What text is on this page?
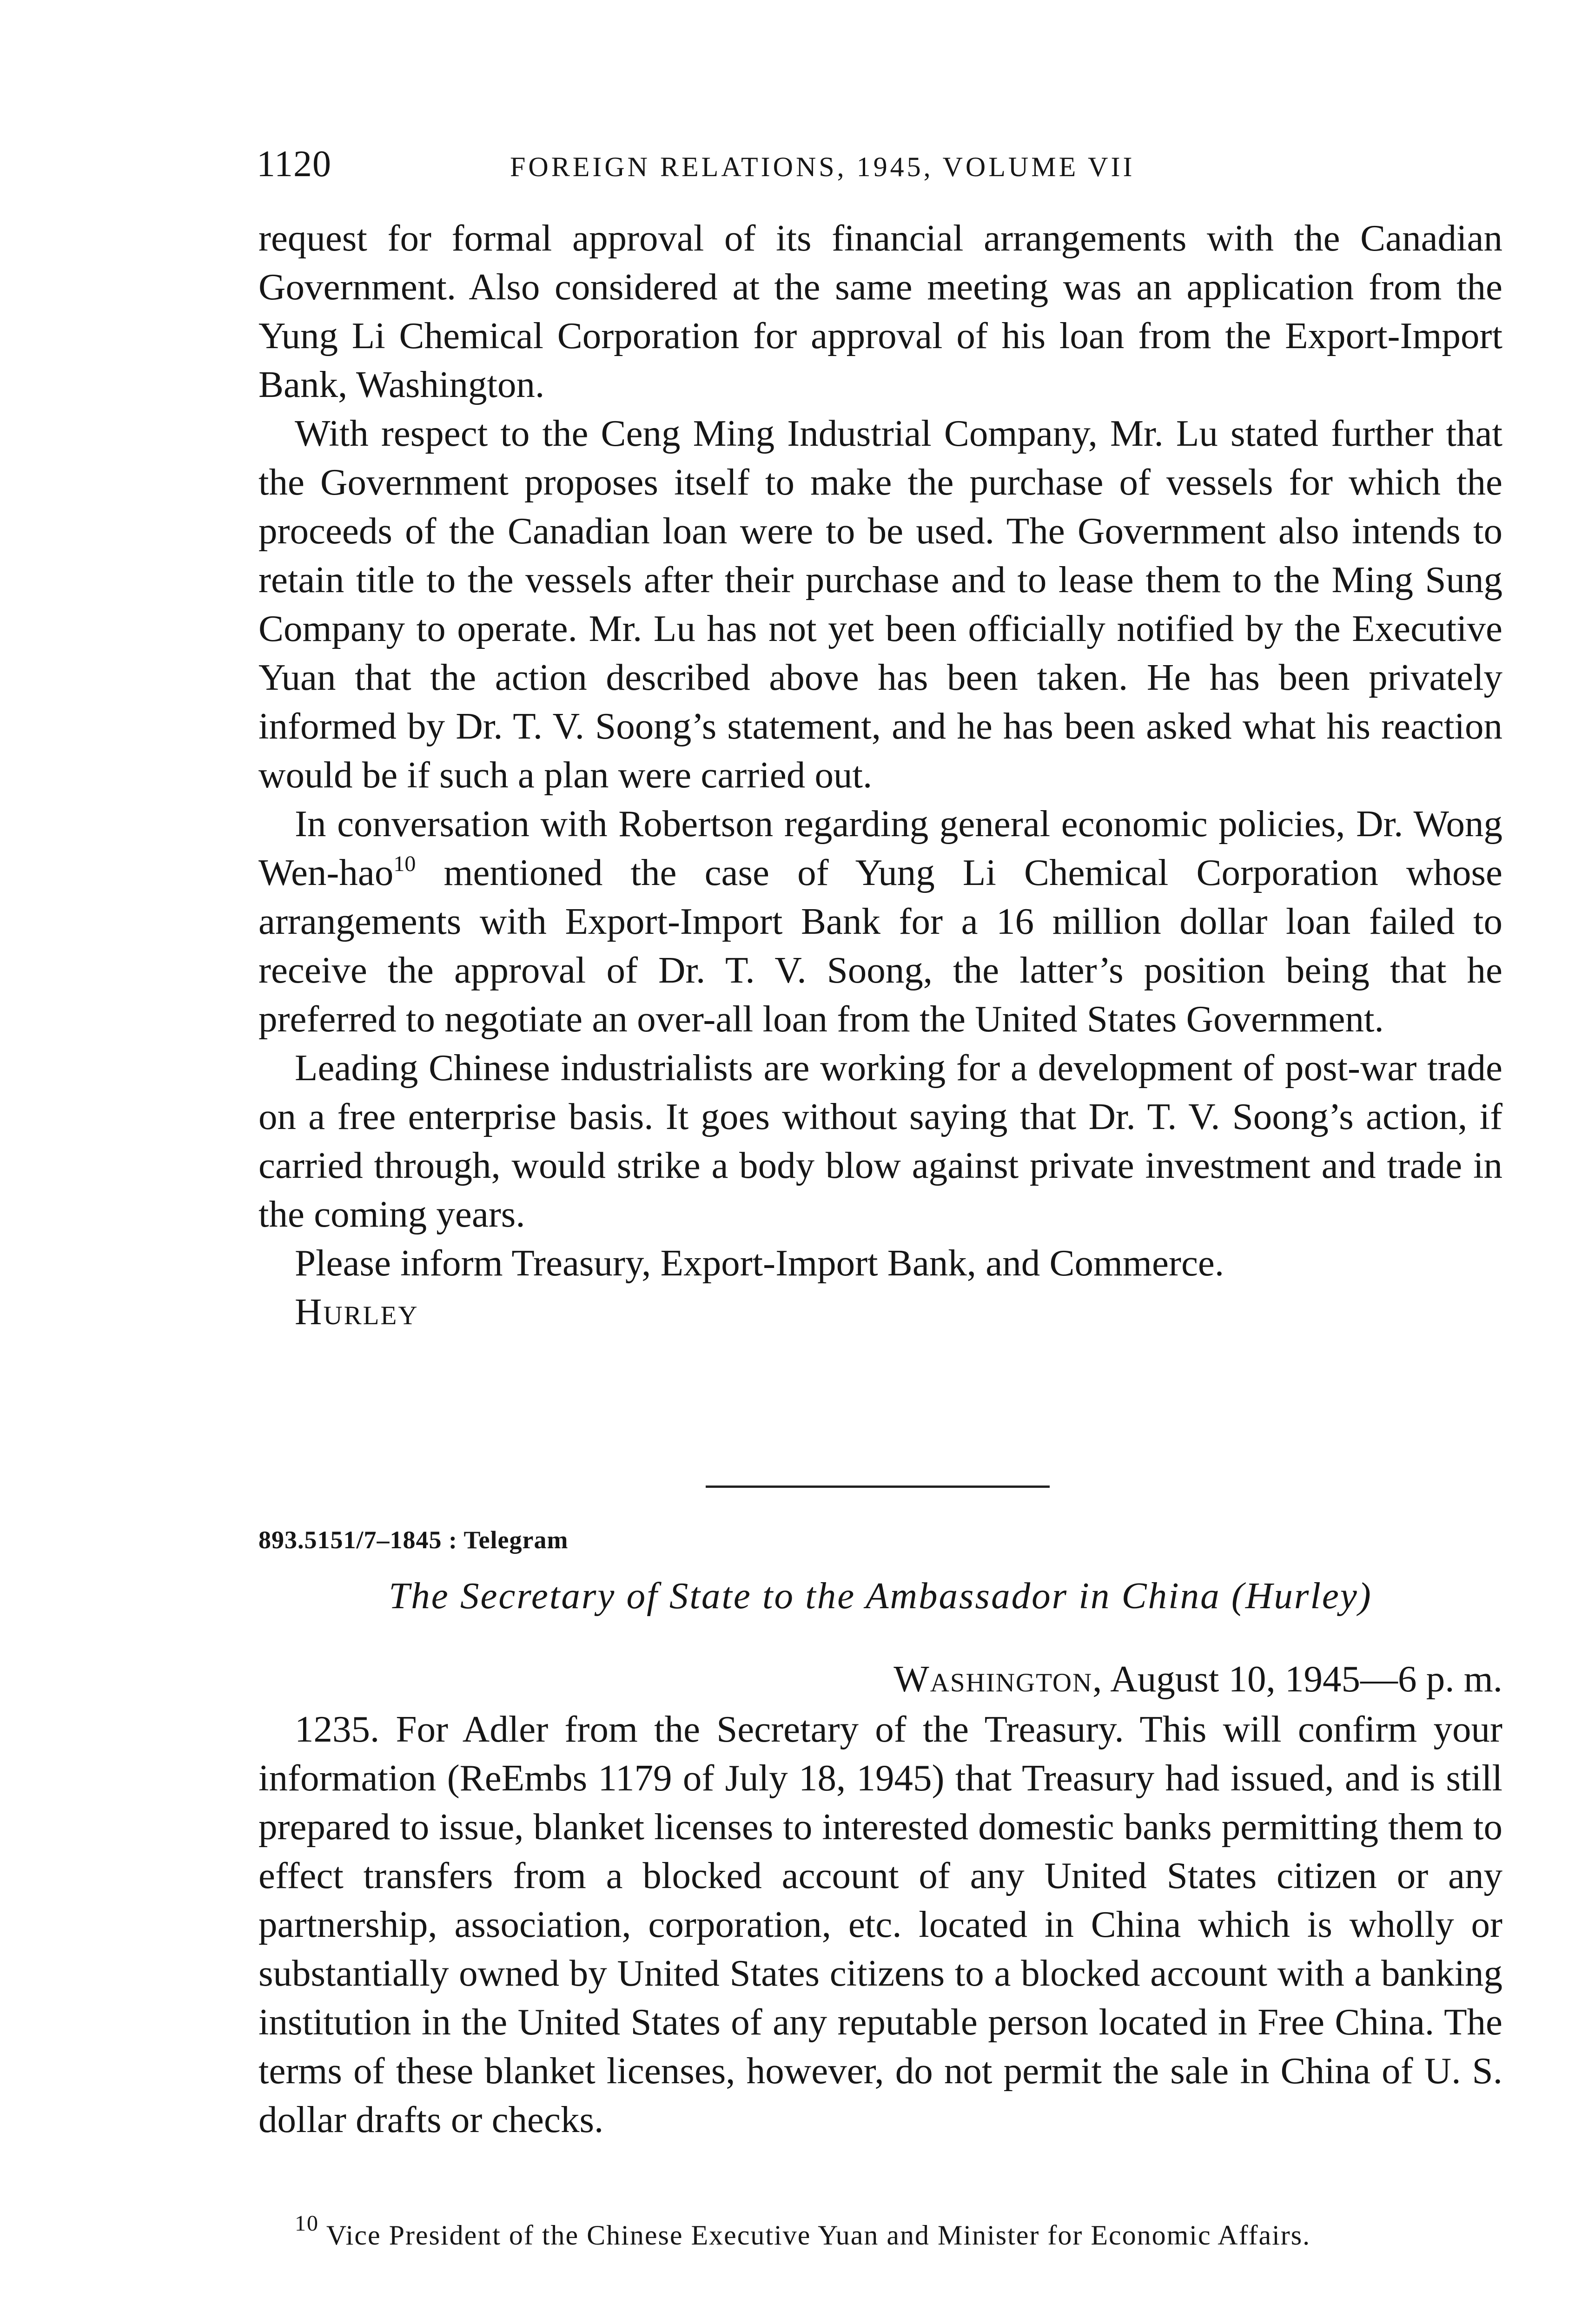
1120	FOREIGN RELATIONS, 1945, VOLUME VII

request for formal approval of its financial arrangements with the Canadian Government. Also considered at the same meeting was an application from the Yung Li Chemical Corporation for approval of his loan from the Export-Import Bank, Washington.

With respect to the Ceng Ming Industrial Company, Mr. Lu stated further that the Government proposes itself to make the purchase of vessels for which the proceeds of the Canadian loan were to be used. The Government also intends to retain title to the vessels after their purchase and to lease them to the Ming Sung Company to operate. Mr. Lu has not yet been officially notified by the Executive Yuan that the action described above has been taken. He has been privately informed by Dr. T. V. Soong’s statement, and he has been asked what his reaction would be if such a plan were carried out.

In conversation with Robertson regarding general economic policies, Dr. Wong Wen-hao$^{10}$ mentioned the case of Yung Li Chemical Corporation whose arrangements with Export-Import Bank for a 16 million dollar loan failed to receive the approval of Dr. T. V. Soong, the latter’s position being that he preferred to negotiate an over-all loan from the United States Government.

Leading Chinese industrialists are working for a development of post-war trade on a free enterprise basis. It goes without saying that Dr. T. V. Soong’s action, if carried through, would strike a body blow against private investment and trade in the coming years.

Please inform Treasury, Export-Import Bank, and Commerce.

Hurley

893.5151/7–1845 : Telegram
The Secretary of State to the Ambassador in China (Hurley)
Washington, August 10, 1945—6 p. m.

1235. For Adler from the Secretary of the Treasury. This will confirm your information (ReEmbs 1179 of July 18, 1945) that Treasury had issued, and is still prepared to issue, blanket licenses to interested domestic banks permitting them to effect transfers from a blocked account of any United States citizen or any partnership, association, corporation, etc. located in China which is wholly or substantially owned by United States citizens to a blocked account with a banking institution in the United States of any reputable person located in Free China. The terms of these blanket licenses, however, do not permit the sale in China of U. S. dollar drafts or checks.

$^{10}$ Vice President of the Chinese Executive Yuan and Minister for Economic Affairs.
